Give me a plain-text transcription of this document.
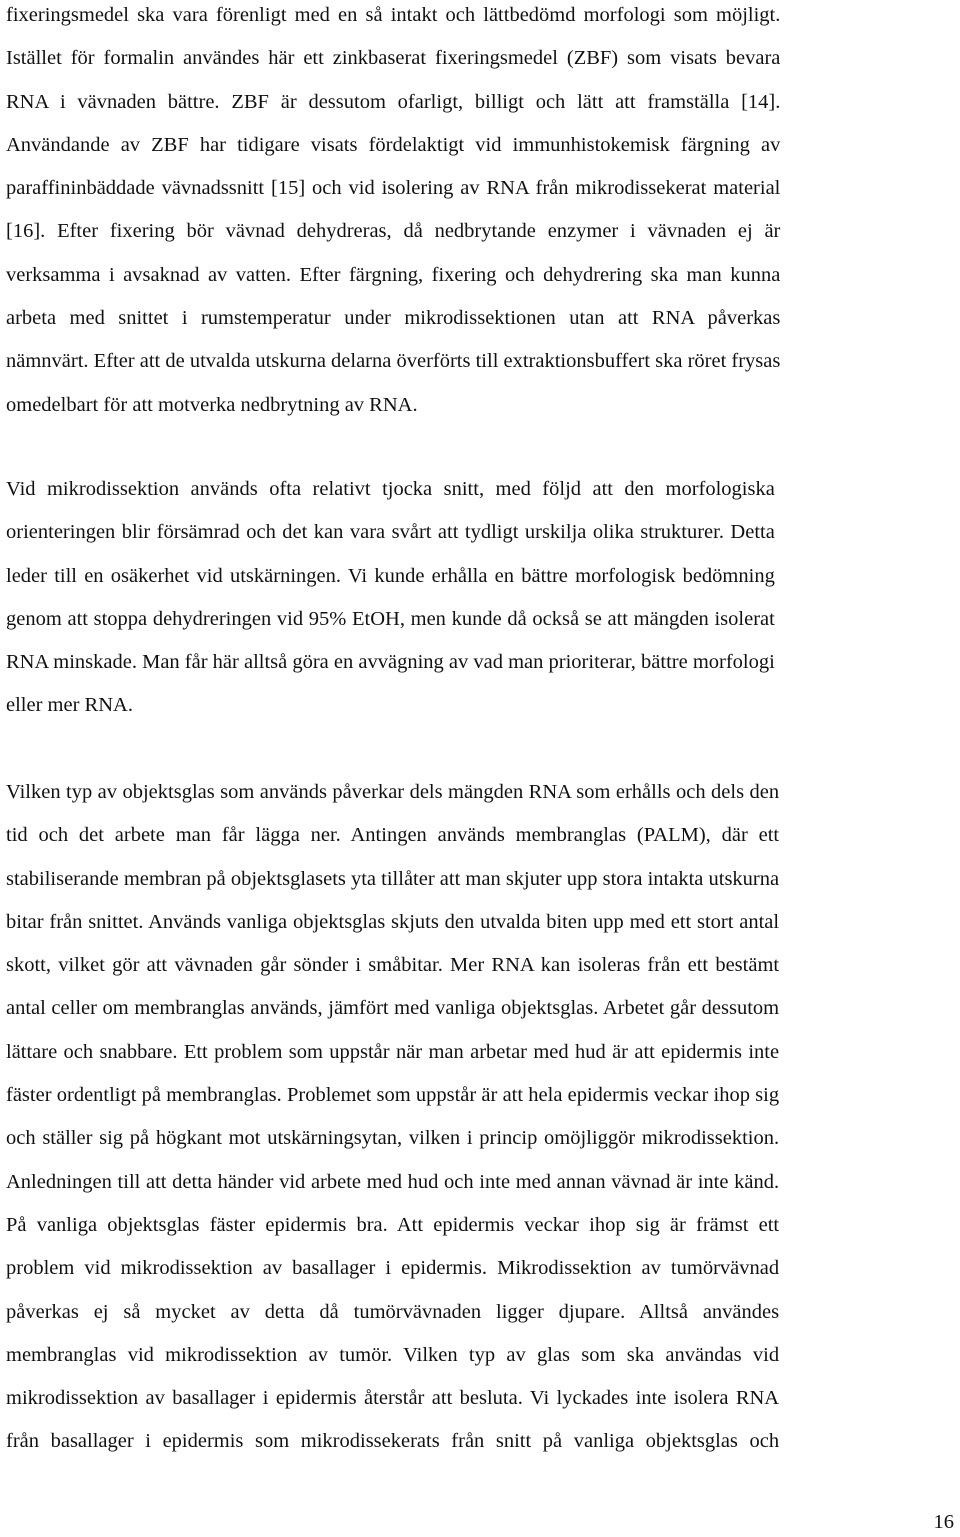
fixeringsmedel ska vara förenligt med en så intakt och lättbedömd morfologi som möjligt.
Istället för formalin användes här ett zinkbaserat fixeringsmedel (ZBF) som visats bevara
RNA i vävnaden bättre. ZBF är dessutom ofarligt, billigt och lätt att framställa [14].
Användande av ZBF har tidigare visats fördelaktigt vid immunhistokemisk färgning av
paraffininbäddade vävnadssnitt [15] och vid isolering av RNA från mikrodissekerat material
[16]. Efter fixering bör vävnad dehydreras, då nedbrytande enzymer i vävnaden ej är
verksamma i avsaknad av vatten. Efter färgning, fixering och dehydrering ska man kunna
arbeta med snittet i rumstemperatur under mikrodissektionen utan att RNA påverkas
nämnvärt. Efter att de utvalda utskurna delarna överförts till extraktionsbuffert ska röret frysas
omedelbart för att motverka nedbrytning av RNA.

Vid mikrodissektion används ofta relativt tjocka snitt, med följd att den morfologiska
orienteringen blir försämrad och det kan vara svårt att tydligt urskilja olika strukturer. Detta
leder till en osäkerhet vid utskärningen. Vi kunde erhålla en bättre morfologisk bedömning
genom att stoppa dehydreringen vid 95% EtOH, men kunde då också se att mängden isolerat
RNA minskade. Man får här alltså göra en avvägning av vad man prioriterar, bättre morfologi
eller mer RNA.

Vilken typ av objektsglas som används påverkar dels mängden RNA som erhålls och dels den
tid och det arbete man får lägga ner. Antingen används membranglas (PALM), där ett
stabiliserande membran på objektsglasets yta tillåter att man skjuter upp stora intakta utskurna
bitar från snittet. Används vanliga objektsglas skjuts den utvalda biten upp med ett stort antal
skott, vilket gör att vävnaden går sönder i småbitar. Mer RNA kan isoleras från ett bestämt
antal celler om membranglas används, jämfört med vanliga objektsglas. Arbetet går dessutom
lättare och snabbare. Ett problem som uppstår när man arbetar med hud är att epidermis inte
fäster ordentligt på membranglas. Problemet som uppstår är att hela epidermis veckar ihop sig
och ställer sig på högkant mot utskärningsytan, vilken i princip omöjliggör mikrodissektion.
Anledningen till att detta händer vid arbete med hud och inte med annan vävnad är inte känd.
På vanliga objektsglas fäster epidermis bra. Att epidermis veckar ihop sig är främst ett
problem vid mikrodissektion av basallager i epidermis. Mikrodissektion av tumörvävnad
påverkas ej så mycket av detta då tumörvävnaden ligger djupare. Alltså användes
membranglas vid mikrodissektion av tumör. Vilken typ av glas som ska användas vid
mikrodissektion av basallager i epidermis återstår att besluta. Vi lyckades inte isolera RNA
från basallager i epidermis som mikrodissekerats från snitt på vanliga objektsglas och

16
